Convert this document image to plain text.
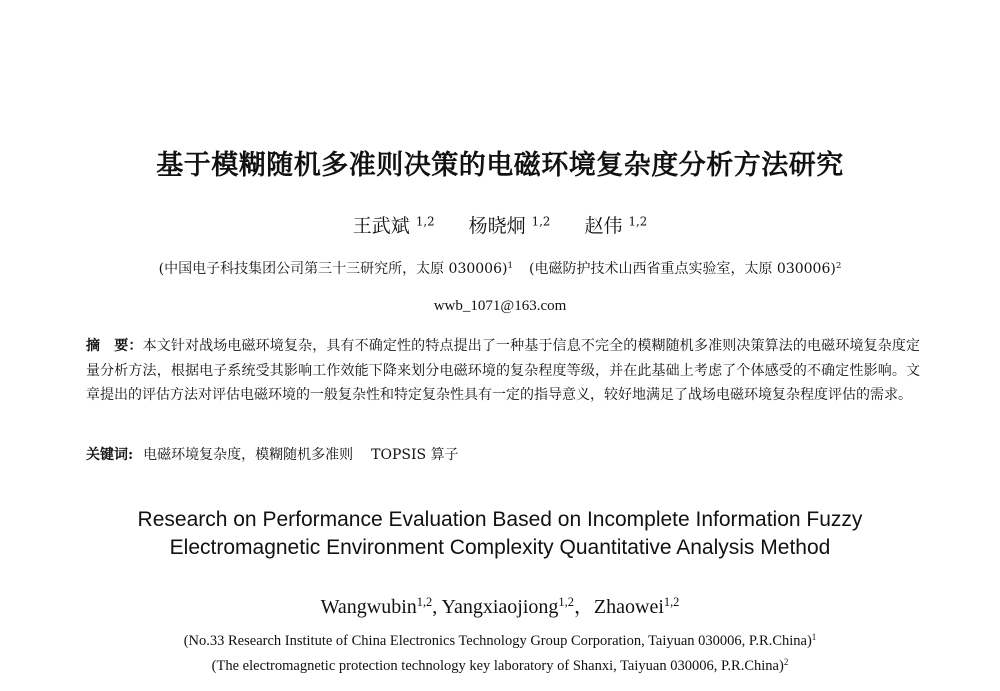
基于模糊随机多准则决策的电磁环境复杂度分析方法研究
王武斌 $^{1,2}$ 杨晓炯 $^{1,2}$ 赵伟 $^{1,2}$
(中国电子科技集团公司第三十三研究所，太原 030006)$^1$ (电磁防护技术山西省重点实验室，太原 030006)$^2$
wwb_1071@163.com
摘　要：本文针对战场电磁环境复杂，具有不确定性的特点提出了一种基于信息不完全的模糊随机多准则决策算法的电磁环境复杂度定量分析方法，根据电子系统受其影响工作效能下降来划分电磁环境的复杂程度等级，并在此基础上考虑了个体感受的不确定性影响。文章提出的评估方法对评估电磁环境的一般复杂性和特定复杂性具有一定的指导意义，较好地满足了战场电磁环境复杂程度评估的需求。
关键词: 电磁环境复杂度，模糊随机多准则 TOPSIS 算子
Research on Performance Evaluation Based on Incomplete Information Fuzzy
Electromagnetic Environment Complexity Quantitative Analysis Method
Wangwubin$^{1,2}$, Yangxiaojiong$^{1,2}$，Zhaowei$^{1,2}$
(No.33 Research Institute of China Electronics Technology Group Corporation, Taiyuan 030006, P.R.China)$^1$
(The electromagnetic protection technology key laboratory of Shanxi, Taiyuan 030006, P.R.China)$^2$
